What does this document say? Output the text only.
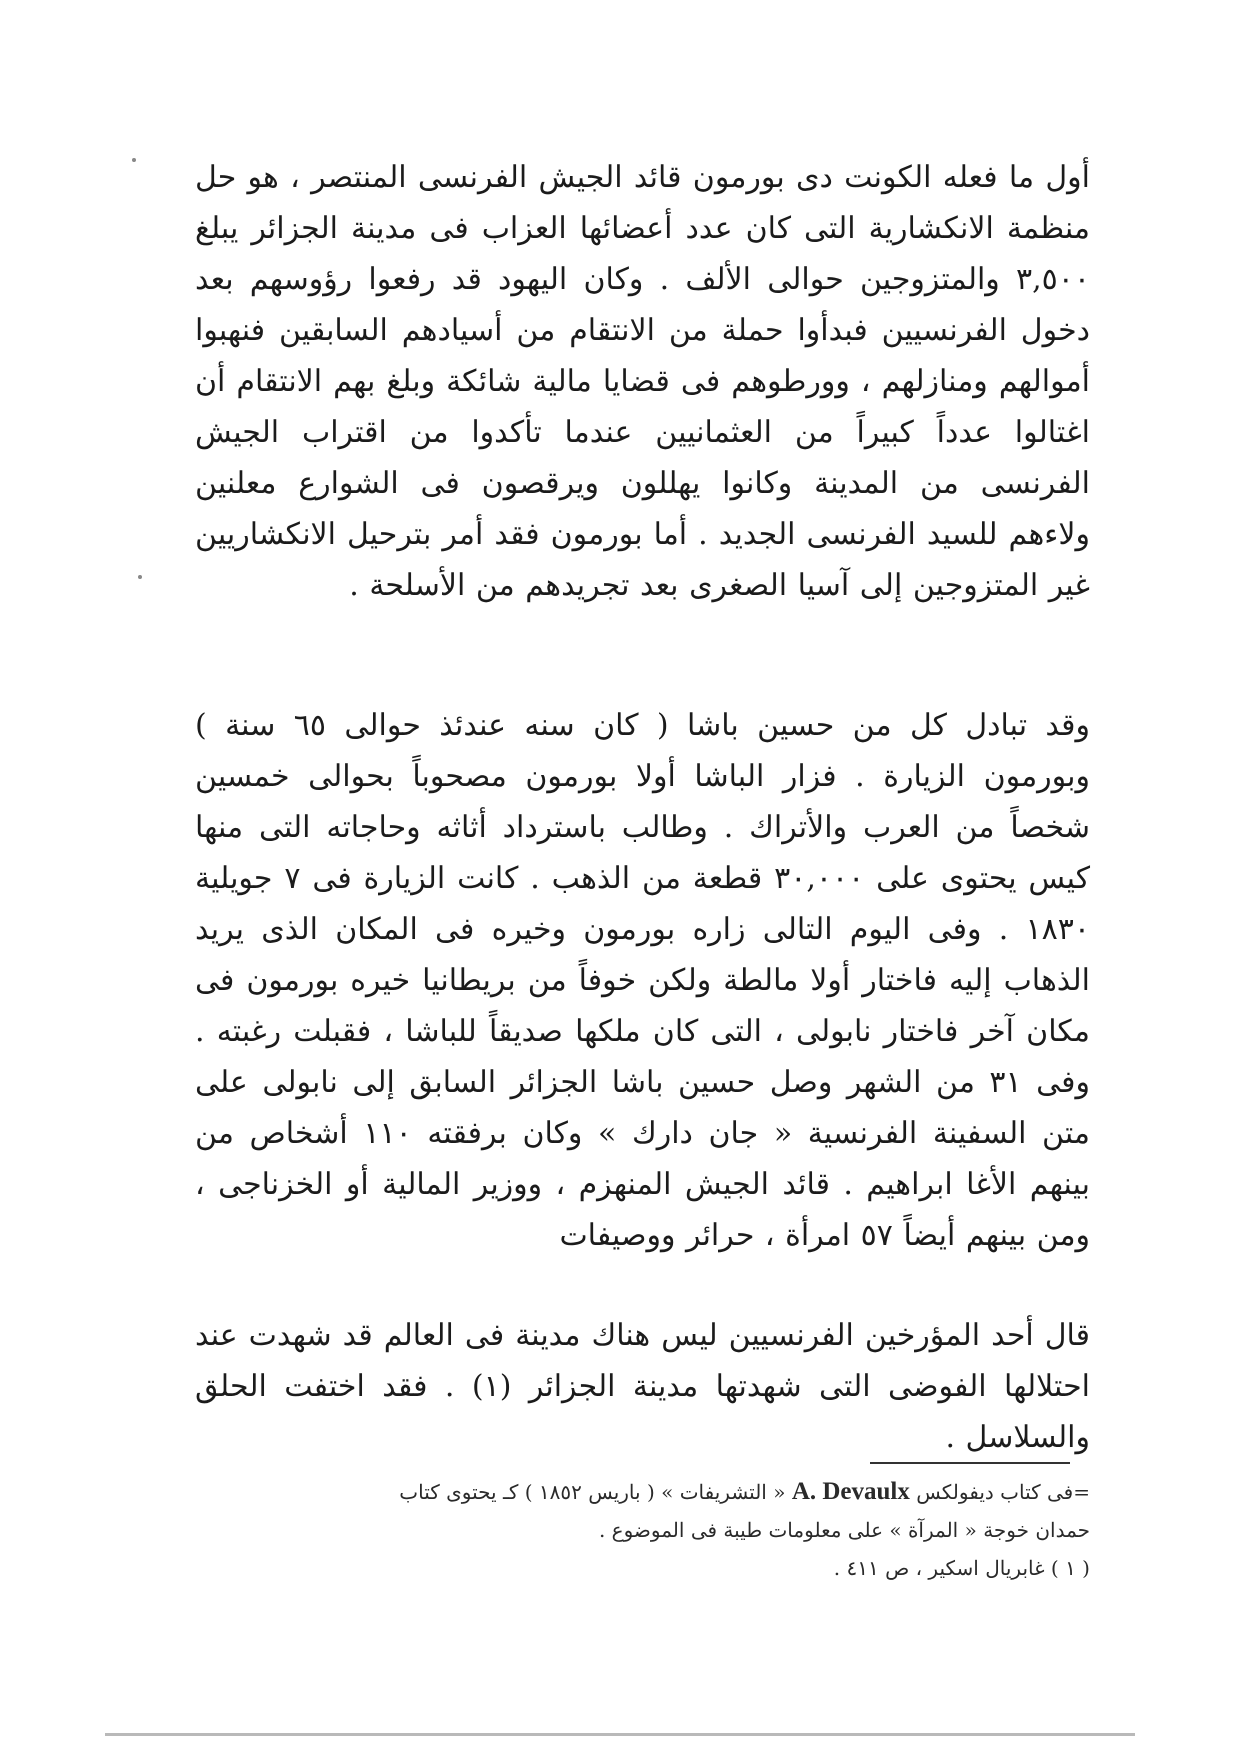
أول ما فعله الكونت دى بورمون قائد الجيش الفرنسى المنتصر ، هو حل منظمة الانكشارية التى كان عدد أعضائها العزاب فى مدينة الجزائر يبلغ ٣,٥٠٠ والمتزوجين حوالى الألف . وكان اليهود قد رفعوا رؤوسهم بعد دخول الفرنسيين فبدأوا حملة من الانتقام من أسيادهم السابقين فنهبوا أموالهم ومنازلهم ، وورطوهم فى قضايا مالية شائكة وبلغ بهم الانتقام أن اغتالوا عدداً كبيراً من العثمانيين عندما تأكدوا من اقتراب الجيش الفرنسى من المدينة وكانوا يهللون ويرقصون فى الشوارع معلنين ولاءهم للسيد الفرنسى الجديد . أما بورمون فقد أمر بترحيل الانكشاريين غير المتزوجين إلى آسيا الصغرى بعد تجريدهم من الأسلحة .

وقد تبادل كل من حسين باشا ( كان سنه عندئذ حوالى ٦٥ سنة ) وبورمون الزيارة . فزار الباشا أولا بورمون مصحوباً بحوالى خمسين شخصاً من العرب والأتراك . وطالب باسترداد أثاثه وحاجاته التى منها كيس يحتوى على ٣٠,٠٠٠ قطعة من الذهب . كانت الزيارة فى ٧ جويلية ١٨٣٠ . وفى اليوم التالى زاره بورمون وخيره فى المكان الذى يريد الذهاب إليه فاختار أولا مالطة ولكن خوفاً من بريطانيا خيره بورمون فى مكان آخر فاختار نابولى ، التى كان ملكها صديقاً للباشا ، فقبلت رغبته . وفى ٣١ من الشهر وصل حسين باشا الجزائر السابق إلى نابولى على متن السفينة الفرنسية « جان دارك » وكان برفقته ١١٠ أشخاص من بينهم الأغا ابراهيم . قائد الجيش المنهزم ، ووزير المالية أو الخزناجى ، ومن بينهم أيضاً ٥٧ امرأة ، حرائر ووصيفات

قال أحد المؤرخين الفرنسيين ليس هناك مدينة فى العالم قد شهدت عند احتلالها الفوضى التى شهدتها مدينة الجزائر (١) . فقد اختفت الحلق والسلاسل .

=فى كتاب ديفولكس A. Devaulx « التشريفات » ( باريس ١٨٥٢ ) كـ يحتوى كتاب
حمدان خوجة « المرآة » على معلومات طيبة فى الموضوع .
( ١ ) غابريال اسكير ، ص ٤١١ .
